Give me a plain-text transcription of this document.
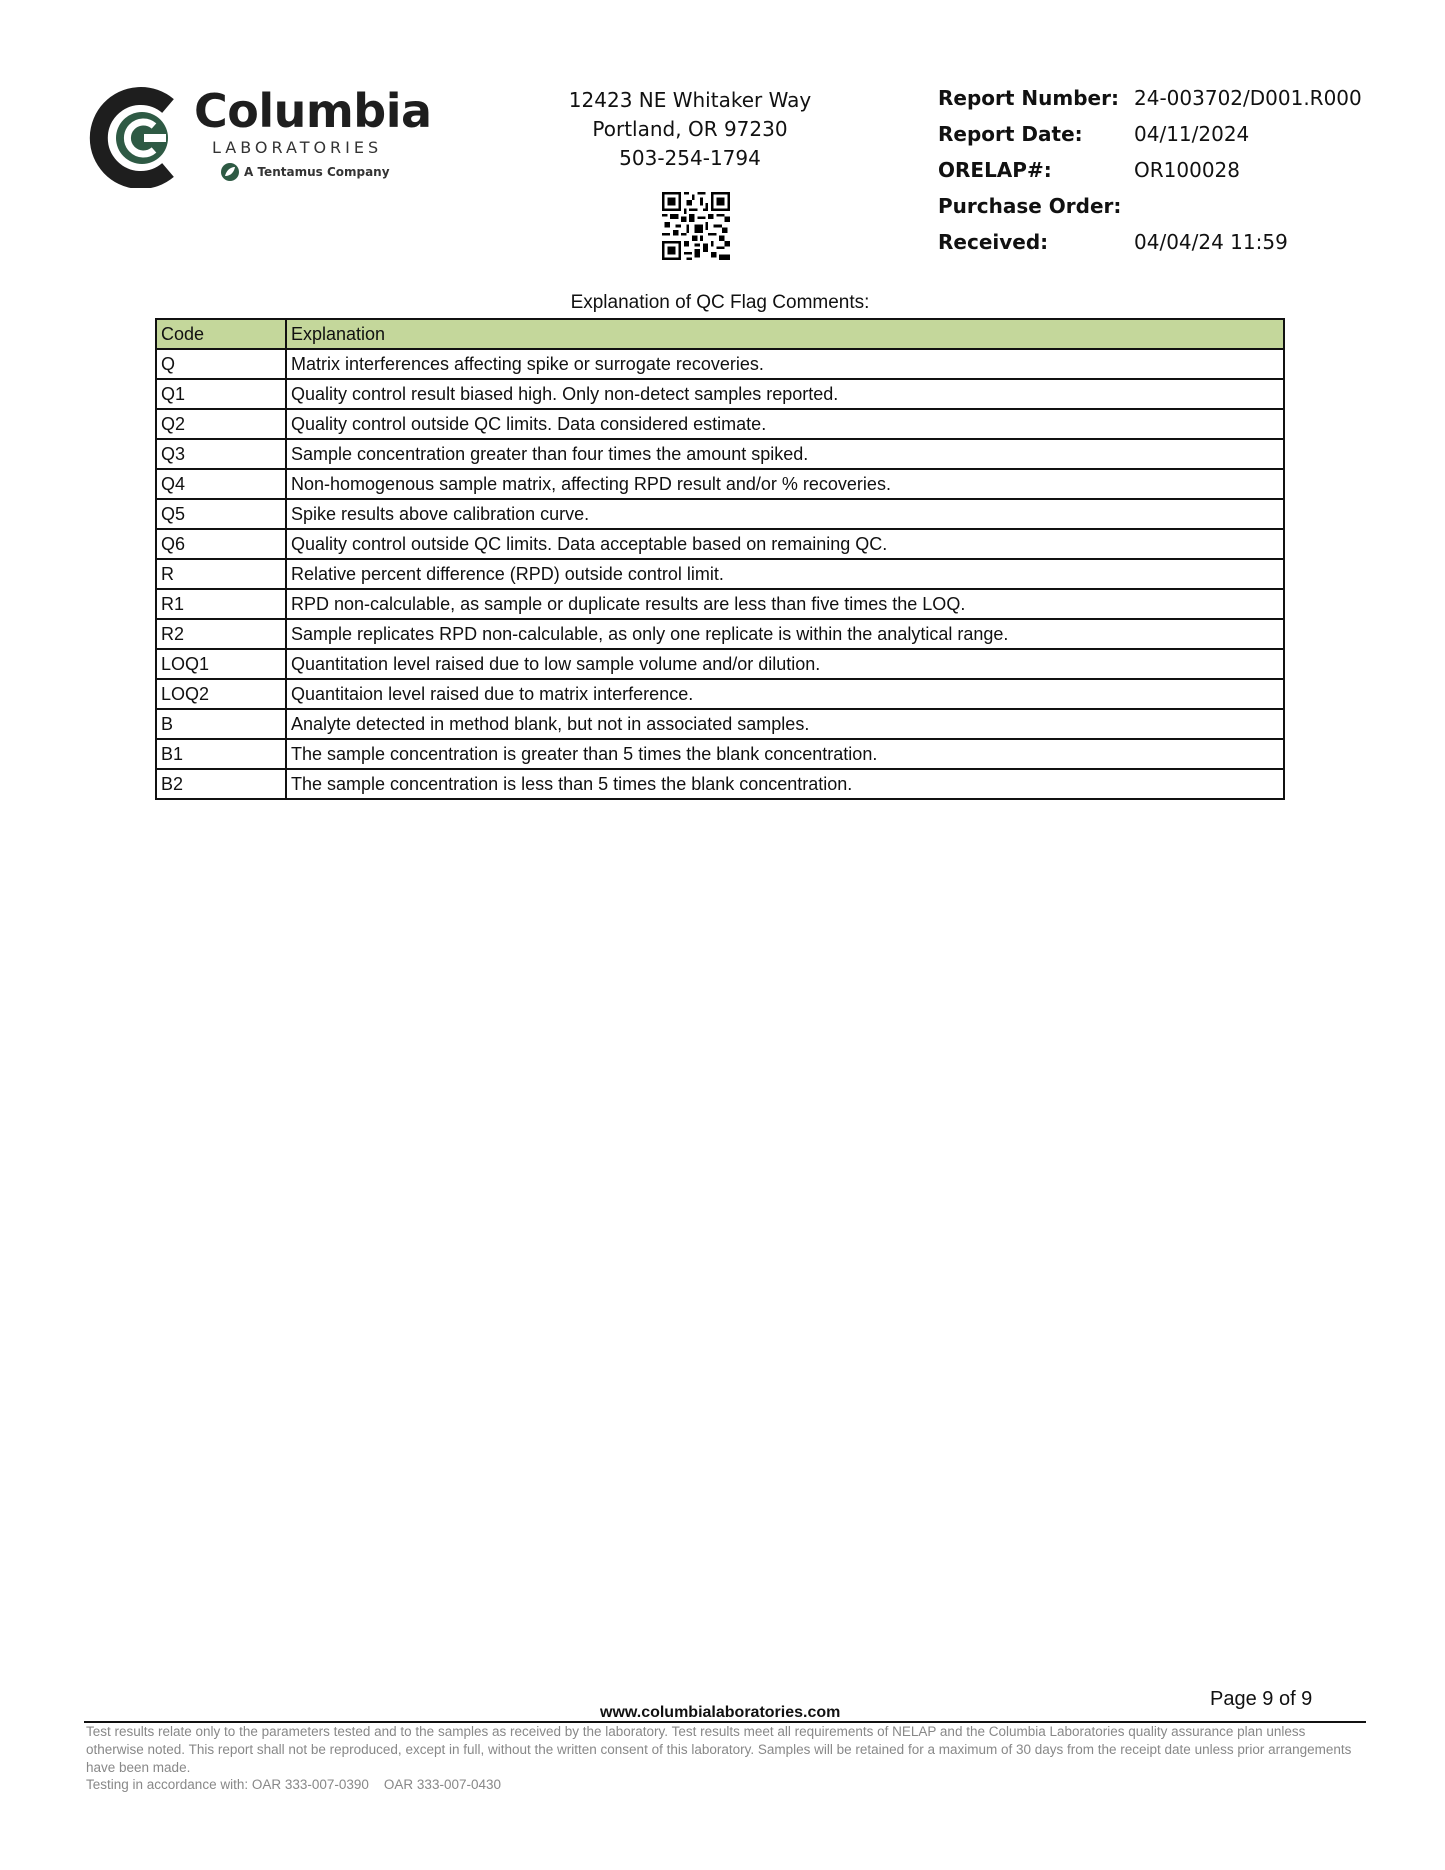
Columbia
LABORATORIES
A Tentamus Company
12423 NE Whitaker Way
Portland, OR 97230
503-254-1794
Report Number: 24-003702/D001.R000
Report Date:	04/11/2024
ORELAP#:	OR100028
Purchase Order:
Received:	04/04/24 11:59
Explanation of QC Flag Comments:
Code	Explanation
Q	Matrix interferences affecting spike or surrogate recoveries.
Q1	Quality control result biased high. Only non-detect samples reported.
Q2	Quality control outside QC limits. Data considered estimate.
Q3	Sample concentration greater than four times the amount spiked.
Q4	Non-homogenous sample matrix, affecting RPD result and/or % recoveries.
Q5	Spike results above calibration curve.
Q6	Quality control outside QC limits. Data acceptable based on remaining QC.
R	Relative percent difference (RPD) outside control limit.
R1	RPD non-calculable, as sample or duplicate results are less than five times the LOQ.
R2	Sample replicates RPD non-calculable, as only one replicate is within the analytical range.
LOQ1	Quantitation level raised due to low sample volume and/or dilution.
LOQ2	Quantitaion level raised due to matrix interference.
B	Analyte detected in method blank, but not in associated samples.
B1	The sample concentration is greater than 5 times the blank concentration.
B2	The sample concentration is less than 5 times the blank concentration.
Page 9 of 9
www.columbialaboratories.com
Test results relate only to the parameters tested and to the samples as received by the laboratory. Test results meet all requirements of NELAP and the Columbia Laboratories quality assurance plan unless otherwise noted. This report shall not be reproduced, except in full, without the written consent of this laboratory. Samples will be retained for a maximum of 30 days from the receipt date unless prior arrangements have been made.
Testing in accordance with: OAR 333-007-0390    OAR 333-007-0430
